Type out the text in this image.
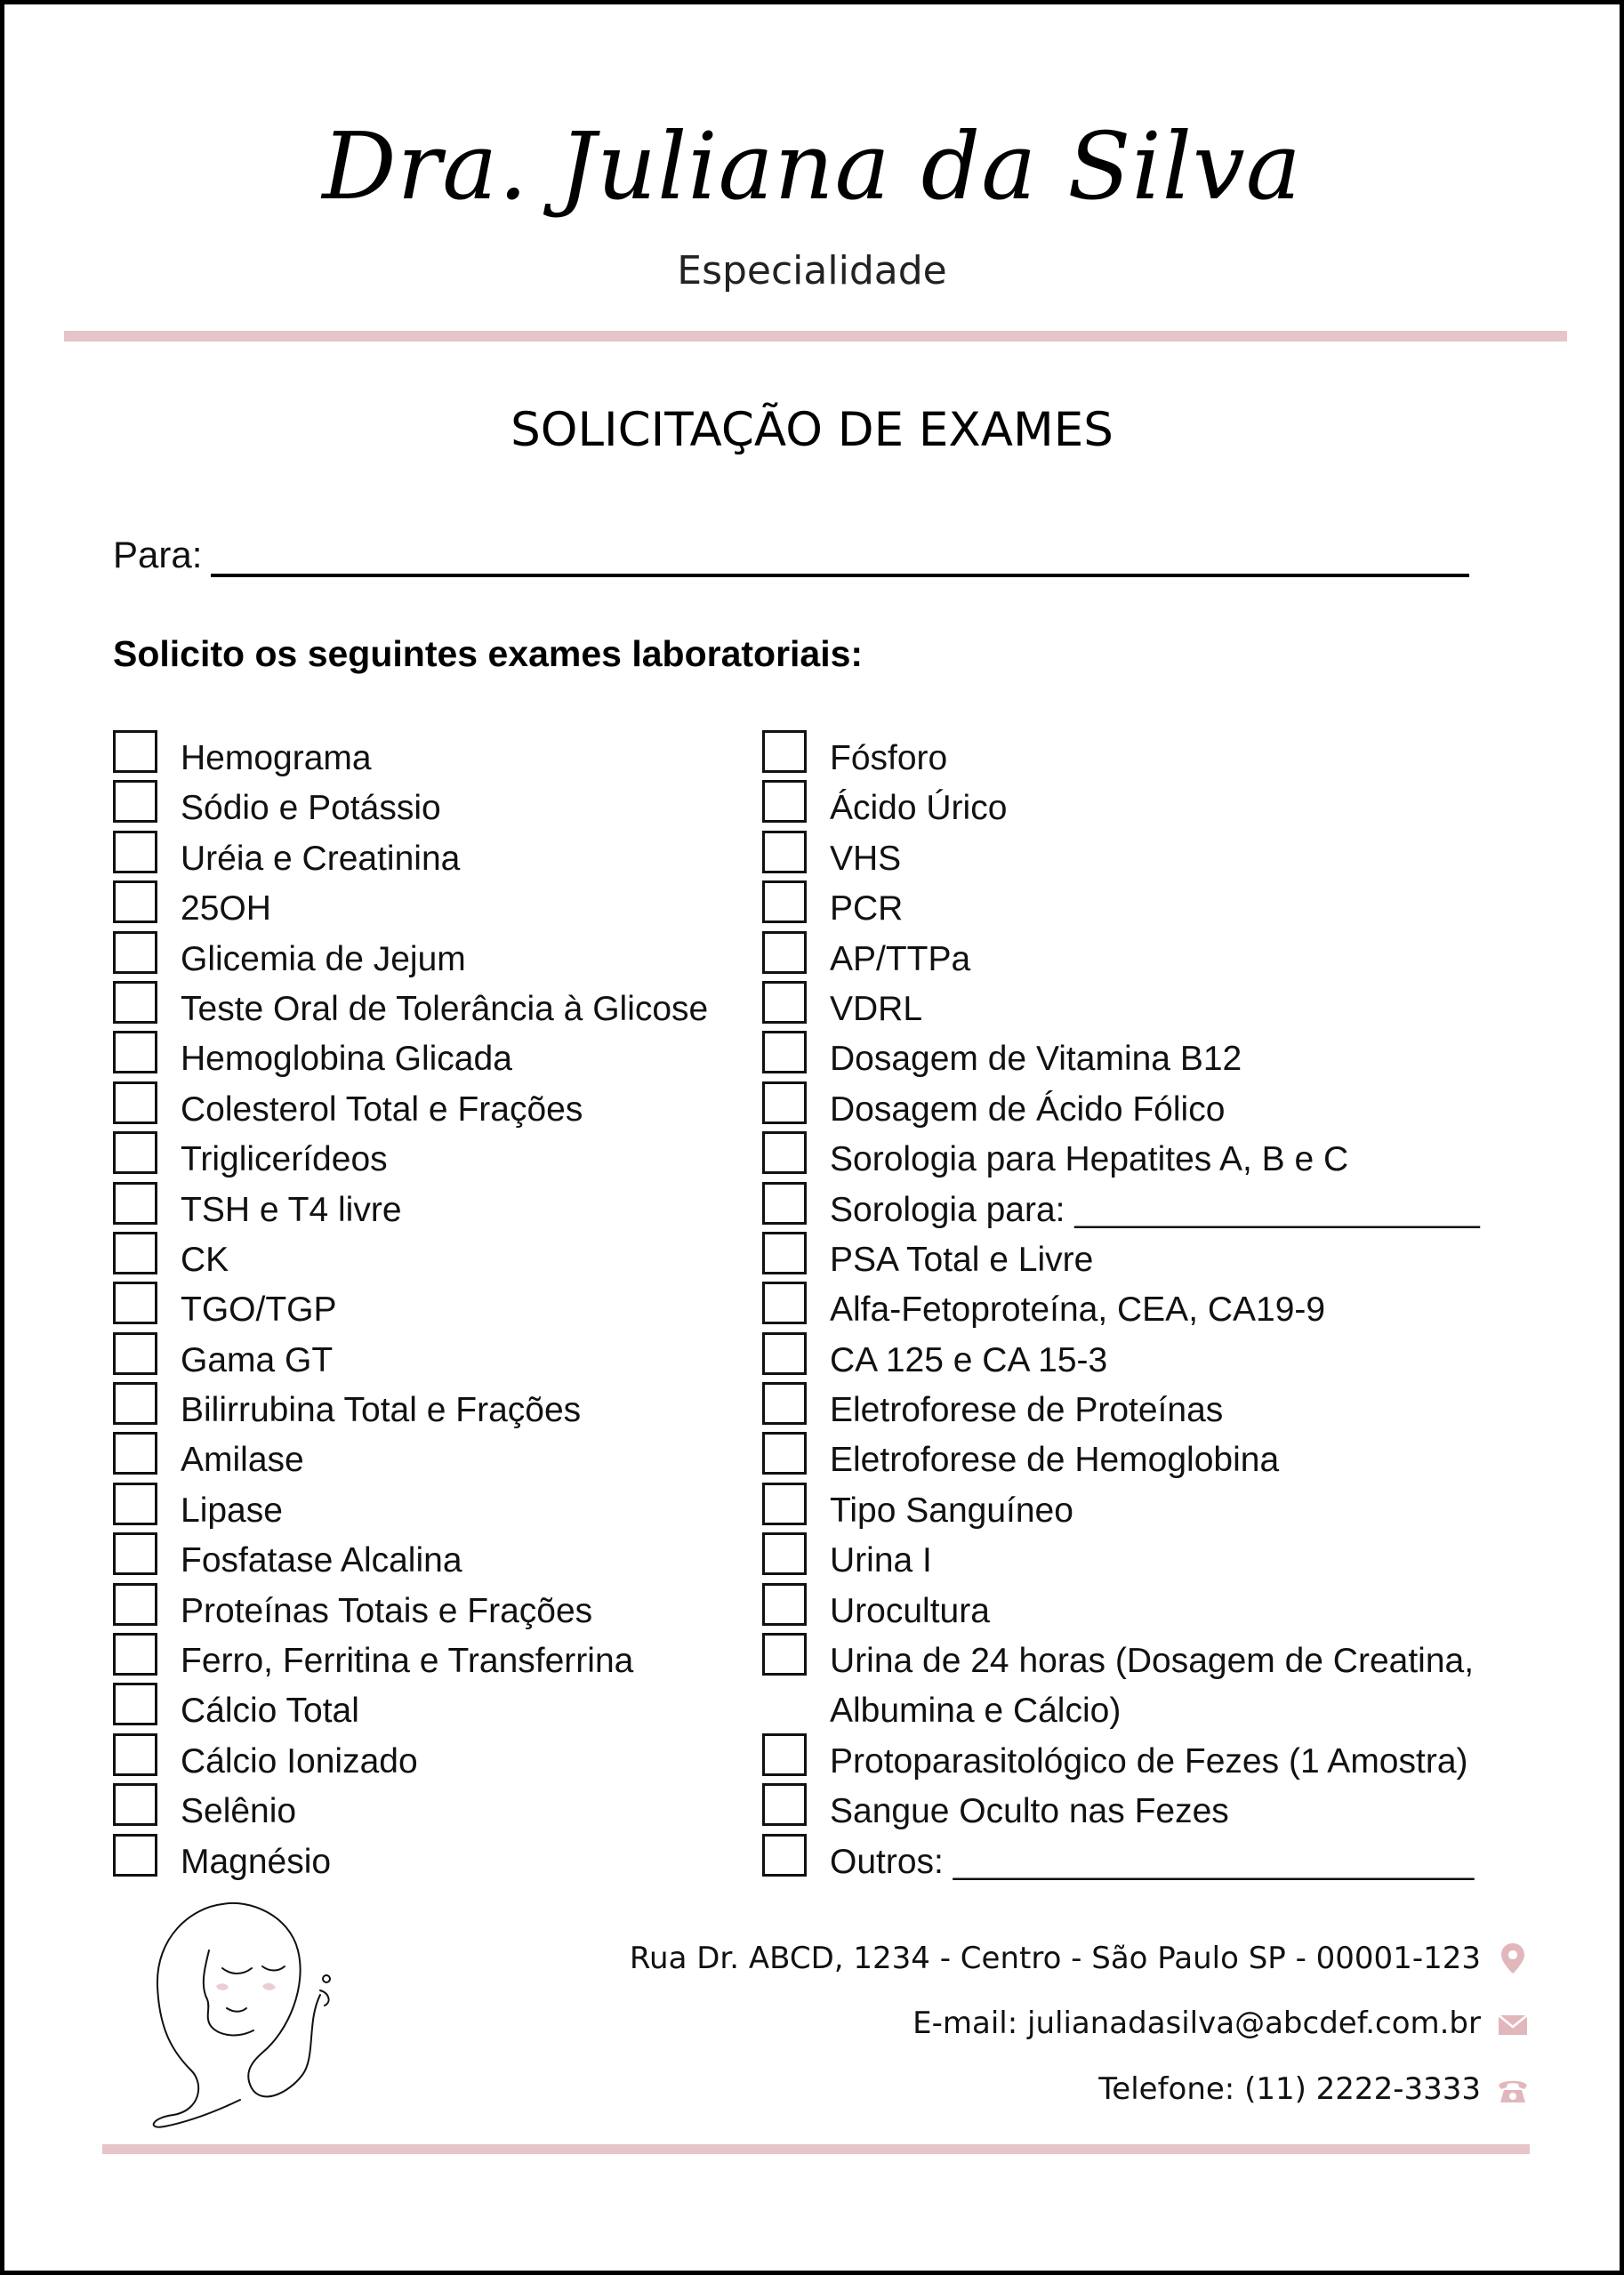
Dra. Juliana da Silva
Especialidade
SOLICITAÇÃO DE EXAMES
Para:
Solicito os seguintes exames laboratoriais:
Hemograma
Sódio e Potássio
Uréia e Creatinina
25OH
Glicemia de Jejum
Teste Oral de Tolerância à Glicose
Hemoglobina Glicada
Colesterol Total e Frações
Triglicerídeos
TSH e T4 livre
CK
TGO/TGP
Gama GT
Bilirrubina Total e Frações
Amilase
Lipase
Fosfatase Alcalina
Proteínas Totais e Frações
Ferro, Ferritina e Transferrina
Cálcio Total
Cálcio Ionizado
Selênio
Magnésio
Fósforo
Ácido Úrico
VHS
PCR
AP/TTPa
VDRL
Dosagem de Vitamina B12
Dosagem de Ácido Fólico
Sorologia para Hepatites A, B e C
Sorologia para: _____________________
PSA Total e Livre
Alfa-Fetoproteína, CEA, CA19-9
CA 125 e CA 15-3
Eletroforese de Proteínas
Eletroforese de Hemoglobina
Tipo Sanguíneo
Urina I
Urocultura
Urina de 24 horas (Dosagem de Creatina,
Albumina e Cálcio)
Protoparasitológico de Fezes (1 Amostra)
Sangue Oculto nas Fezes
Outros: ___________________________
Rua Dr. ABCD, 1234 - Centro - São Paulo SP - 00001-123
E-mail: julianadasilva@abcdef.com.br
Telefone: (11) 2222-3333
